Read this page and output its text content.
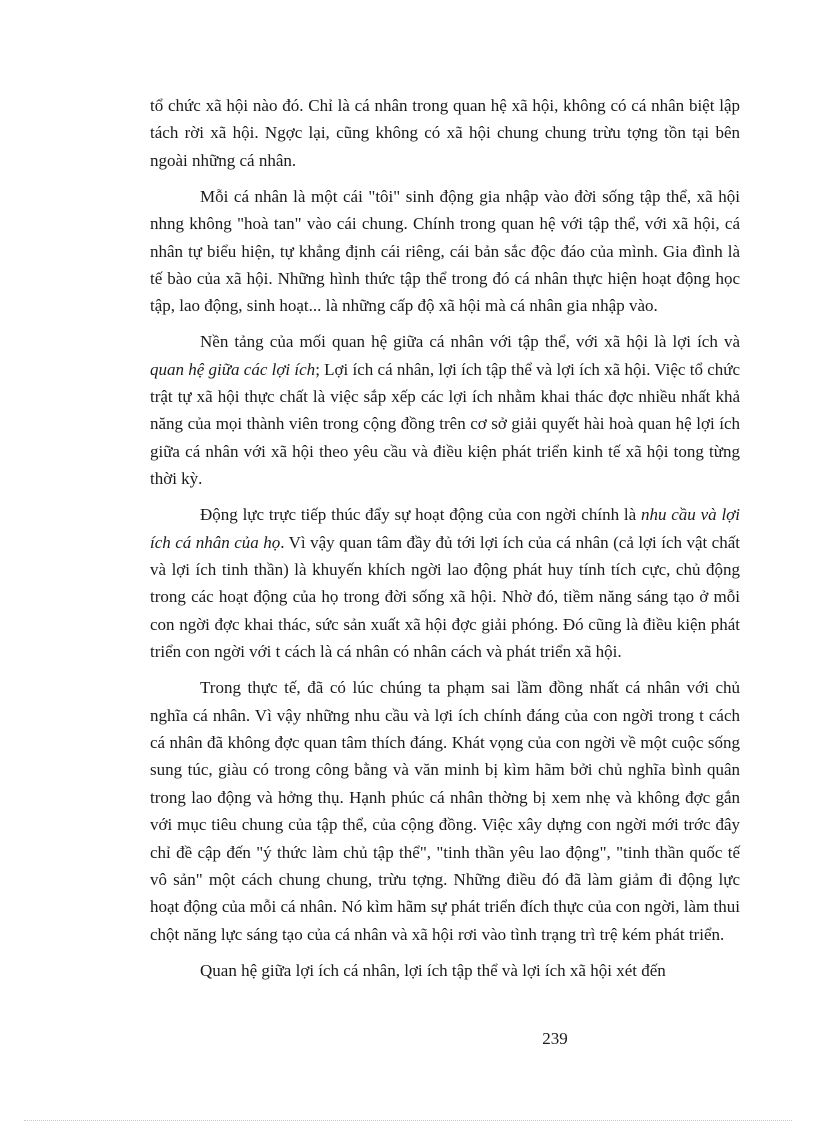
tổ chức xã hội nào đó. Chỉ là cá nhân trong quan hệ xã hội, không có cá nhân biệt lập tách rời xã hội. Ngợc lại, cũng không có xã hội chung chung trừu tợng tồn tại bên ngoài những cá nhân.

Mỗi cá nhân là một cái "tôi" sinh động gia nhập vào đời sống tập thể, xã hội nhng không "hoà tan" vào cái chung. Chính trong quan hệ với tập thể, với xã hội, cá nhân tự biểu hiện, tự khẳng định cái riêng, cái bản sắc độc đáo của mình. Gia đình là tế bào của xã hội. Những hình thức tập thể trong đó cá nhân thực hiện hoạt động học tập, lao động, sinh hoạt... là những cấp độ xã hội mà cá nhân gia nhập vào.

Nền tảng của mối quan hệ giữa cá nhân với tập thể, với xã hội là lợi ích và quan hệ giữa các lợi ích; Lợi ích cá nhân, lợi ích tập thể và lợi ích xã hội. Việc tổ chức trật tự xã hội thực chất là việc sắp xếp các lợi ích nhằm khai thác đợc nhiều nhất khả năng của mọi thành viên trong cộng đồng trên cơ sở giải quyết hài hoà quan hệ lợi ích giữa cá nhân với xã hội theo yêu cầu và điều kiện phát triển kinh tế xã hội tong từng thời kỳ.

Động lực trực tiếp thúc đẩy sự hoạt động của con ngời chính là nhu cầu và lợi ích cá nhân của họ. Vì vậy quan tâm đầy đủ tới lợi ích của cá nhân (cả lợi ích vật chất và lợi ích tinh thần) là khuyến khích ngời lao động phát huy tính tích cực, chủ động trong các hoạt động của họ trong đời sống xã hội. Nhờ đó, tiềm năng sáng tạo ở mỗi con ngời đợc khai thác, sức sản xuất xã hội đợc giải phóng. Đó cũng là điều kiện phát triển con ngời với t cách là cá nhân có nhân cách và phát triển xã hội.

Trong thực tế, đã có lúc chúng ta phạm sai lầm đồng nhất cá nhân với chủ nghĩa cá nhân. Vì vậy những nhu cầu và lợi ích chính đáng của con ngời trong t cách cá nhân đã không đợc quan tâm thích đáng. Khát vọng của con ngời về một cuộc sống sung túc, giàu có trong công bằng và văn minh bị kìm hãm bởi chủ nghĩa bình quân trong lao động và hởng thụ. Hạnh phúc cá nhân thờng bị xem nhẹ và không đợc gắn với mục tiêu chung của tập thể, của cộng đồng. Việc xây dựng con ngời mới trớc đây chỉ đề cập đến "ý thức làm chủ tập thể", "tinh thần yêu lao động", "tinh thần quốc tế vô sản" một cách chung chung, trừu tợng. Những điều đó đã làm giảm đi động lực hoạt động của mỗi cá nhân. Nó kìm hãm sự phát triển đích thực của con ngời, làm thui chột năng lực sáng tạo của cá nhân và xã hội rơi vào tình trạng trì trệ kém phát triển.

Quan hệ giữa lợi ích cá nhân, lợi ích tập thể và lợi ích xã hội xét đến

239
